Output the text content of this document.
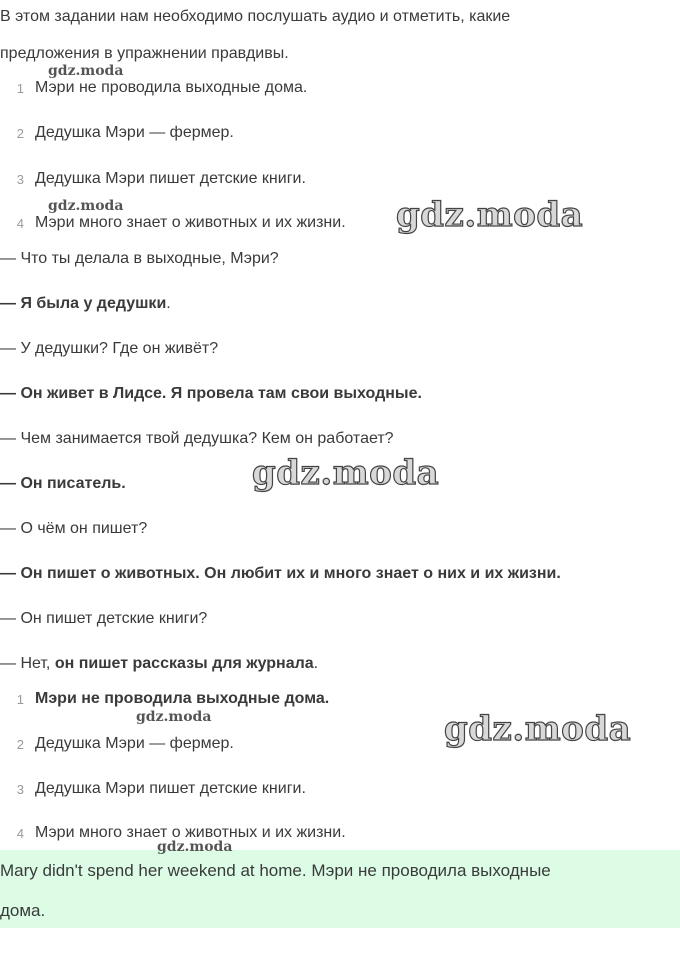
В этом задании нам необходимо послушать аудио и отметить, какие
предложения в упражнении правдивы.
1 Мэри не проводила выходные дома.
2 Дедушка Мэри — фермер.
3 Дедушка Мэри пишет детские книги.
4 Мэри много знает о животных и их жизни.
— Что ты делала в выходные, Мэри?
— Я была у дедушки.
— У дедушки? Где он живёт?
— Он живет в Лидсе. Я провела там свои выходные.
— Чем занимается твой дедушка? Кем он работает?
— Он писатель.
— О чём он пишет?
— Он пишет о животных. Он любит их и много знает о них и их жизни.
— Он пишет детские книги?
— Нет, он пишет рассказы для журнала.
1 Мэри не проводила выходные дома.
2 Дедушка Мэри — фермер.
3 Дедушка Мэри пишет детские книги.
4 Мэри много знает о животных и их жизни.
Mary didn't spend her weekend at home. Мэри не проводила выходные
дома.
gdz.moda
gdz.moda	gdz.moda
gdz.moda
gdz.moda	gdz.moda
gdz.moda
